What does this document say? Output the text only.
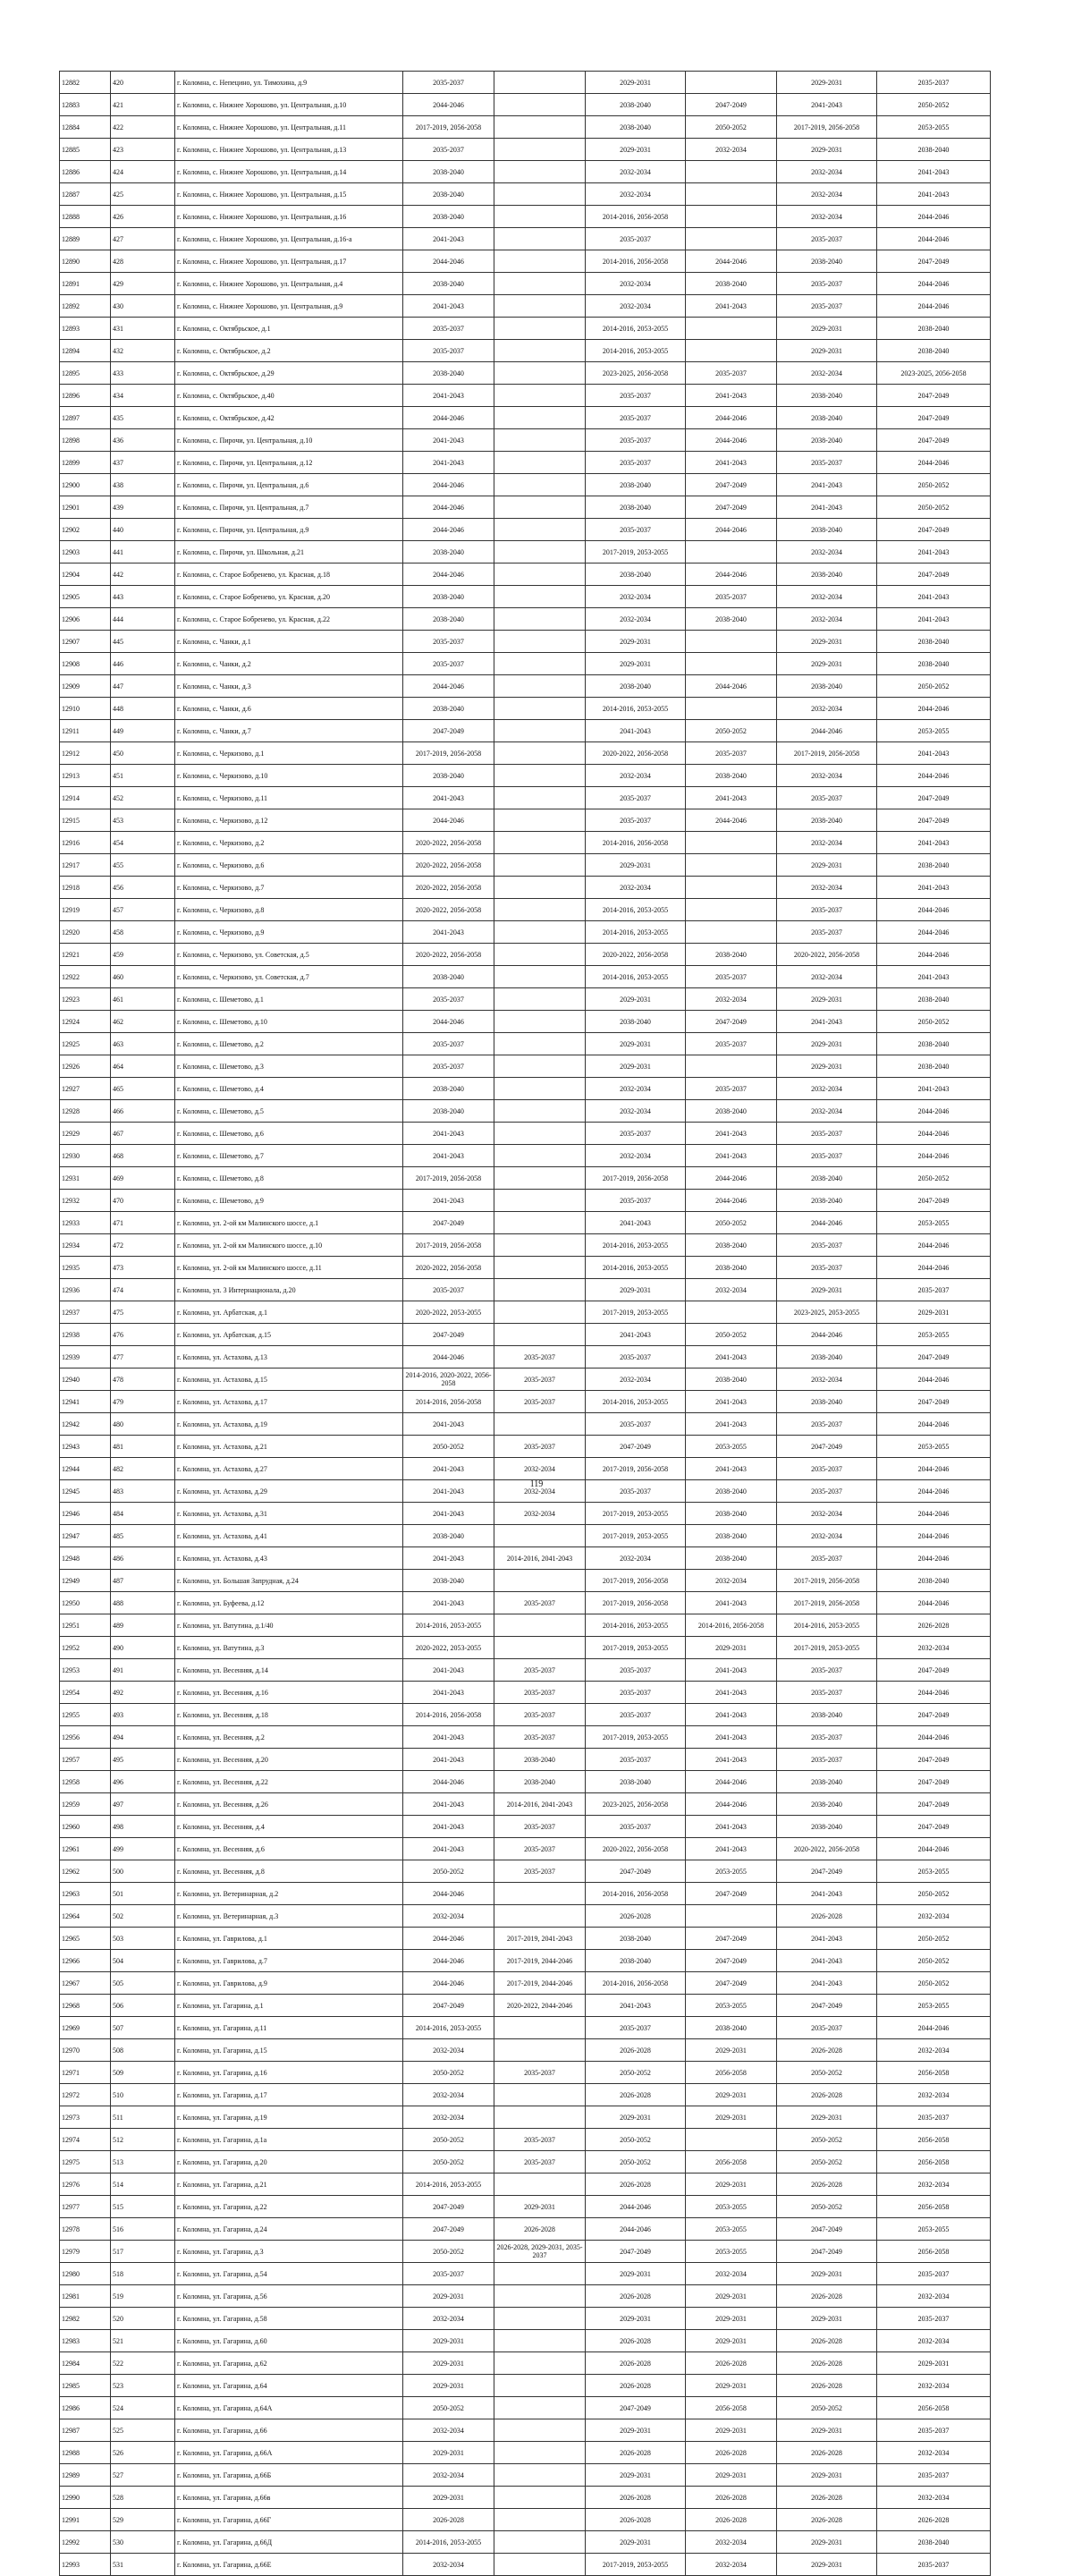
12882	420	г. Коломна, с. Непецино, ул. Тимохина, д.9	2035-2037		2029-2031		2029-2031	2035-2037
12883	421	г. Коломна, с. Нижнее Хорошово, ул. Центральная, д.10	2044-2046		2038-2040	2047-2049	2041-2043	2050-2052
12884	422	г. Коломна, с. Нижнее Хорошово, ул. Центральная, д.11	2017-2019, 2056-2058		2038-2040	2050-2052	2017-2019, 2056-2058	2053-2055
12885	423	г. Коломна, с. Нижнее Хорошово, ул. Центральная, д.13	2035-2037		2029-2031	2032-2034	2029-2031	2038-2040
12886	424	г. Коломна, с. Нижнее Хорошово, ул. Центральная, д.14	2038-2040		2032-2034		2032-2034	2041-2043
12887	425	г. Коломна, с. Нижнее Хорошово, ул. Центральная, д.15	2038-2040		2032-2034		2032-2034	2041-2043
12888	426	г. Коломна, с. Нижнее Хорошово, ул. Центральная, д.16	2038-2040		2014-2016, 2056-2058		2032-2034	2044-2046
12889	427	г. Коломна, с. Нижнее Хорошово, ул. Центральная, д.16-а	2041-2043		2035-2037		2035-2037	2044-2046
12890	428	г. Коломна, с. Нижнее Хорошово, ул. Центральная, д.17	2044-2046		2014-2016, 2056-2058	2044-2046	2038-2040	2047-2049
12891	429	г. Коломна, с. Нижнее Хорошово, ул. Центральная, д.4	2038-2040		2032-2034	2038-2040	2035-2037	2044-2046
12892	430	г. Коломна, с. Нижнее Хорошово, ул. Центральная, д.9	2041-2043		2032-2034	2041-2043	2035-2037	2044-2046
12893	431	г. Коломна, с. Октябрьское, д.1	2035-2037		2014-2016, 2053-2055		2029-2031	2038-2040
12894	432	г. Коломна, с. Октябрьское, д.2	2035-2037		2014-2016, 2053-2055		2029-2031	2038-2040
12895	433	г. Коломна, с. Октябрьское, д.29	2038-2040		2023-2025, 2056-2058	2035-2037	2032-2034	2023-2025, 2056-2058
12896	434	г. Коломна, с. Октябрьское, д.40	2041-2043		2035-2037	2041-2043	2038-2040	2047-2049
12897	435	г. Коломна, с. Октябрьское, д.42	2044-2046		2035-2037	2044-2046	2038-2040	2047-2049
12898	436	г. Коломна, с. Пирочи, ул. Центральная, д.10	2041-2043		2035-2037	2044-2046	2038-2040	2047-2049
12899	437	г. Коломна, с. Пирочи, ул. Центральная, д.12	2041-2043		2035-2037	2041-2043	2035-2037	2044-2046
12900	438	г. Коломна, с. Пирочи, ул. Центральная, д.6	2044-2046		2038-2040	2047-2049	2041-2043	2050-2052
12901	439	г. Коломна, с. Пирочи, ул. Центральная, д.7	2044-2046		2038-2040	2047-2049	2041-2043	2050-2052
12902	440	г. Коломна, с. Пирочи, ул. Центральная, д.9	2044-2046		2035-2037	2044-2046	2038-2040	2047-2049
12903	441	г. Коломна, с. Пирочи, ул. Школьная, д.21	2038-2040		2017-2019, 2053-2055		2032-2034	2041-2043
12904	442	г. Коломна, с. Старое Бобренево, ул. Красная, д.18	2044-2046		2038-2040	2044-2046	2038-2040	2047-2049
12905	443	г. Коломна, с. Старое Бобренево, ул. Красная, д.20	2038-2040		2032-2034	2035-2037	2032-2034	2041-2043
12906	444	г. Коломна, с. Старое Бобренево, ул. Красная, д.22	2038-2040		2032-2034	2038-2040	2032-2034	2041-2043
12907	445	г. Коломна, с. Чанки, д.1	2035-2037		2029-2031		2029-2031	2038-2040
12908	446	г. Коломна, с. Чанки, д.2	2035-2037		2029-2031		2029-2031	2038-2040
12909	447	г. Коломна, с. Чанки, д.3	2044-2046		2038-2040	2044-2046	2038-2040	2050-2052
12910	448	г. Коломна, с. Чанки, д.6	2038-2040		2014-2016, 2053-2055		2032-2034	2044-2046
12911	449	г. Коломна, с. Чанки, д.7	2047-2049		2041-2043	2050-2052	2044-2046	2053-2055
12912	450	г. Коломна, с. Черкизово, д.1	2017-2019, 2056-2058		2020-2022, 2056-2058	2035-2037	2017-2019, 2056-2058	2041-2043
12913	451	г. Коломна, с. Черкизово, д.10	2038-2040		2032-2034	2038-2040	2032-2034	2044-2046
12914	452	г. Коломна, с. Черкизово, д.11	2041-2043		2035-2037	2041-2043	2035-2037	2047-2049
12915	453	г. Коломна, с. Черкизово, д.12	2044-2046		2035-2037	2044-2046	2038-2040	2047-2049
12916	454	г. Коломна, с. Черкизово, д.2	2020-2022, 2056-2058		2014-2016, 2056-2058		2032-2034	2041-2043
12917	455	г. Коломна, с. Черкизово, д.6	2020-2022, 2056-2058		2029-2031		2029-2031	2038-2040
12918	456	г. Коломна, с. Черкизово, д.7	2020-2022, 2056-2058		2032-2034		2032-2034	2041-2043
12919	457	г. Коломна, с. Черкизово, д.8	2020-2022, 2056-2058		2014-2016, 2053-2055		2035-2037	2044-2046
12920	458	г. Коломна, с. Черкизово, д.9	2041-2043		2014-2016, 2053-2055		2035-2037	2044-2046
12921	459	г. Коломна, с. Черкизово, ул. Советская, д.5	2020-2022, 2056-2058		2020-2022, 2056-2058	2038-2040	2020-2022, 2056-2058	2044-2046
12922	460	г. Коломна, с. Черкизово, ул. Советская, д.7	2038-2040		2014-2016, 2053-2055	2035-2037	2032-2034	2041-2043
12923	461	г. Коломна, с. Шеметово, д.1	2035-2037		2029-2031	2032-2034	2029-2031	2038-2040
12924	462	г. Коломна, с. Шеметово, д.10	2044-2046		2038-2040	2047-2049	2041-2043	2050-2052
12925	463	г. Коломна, с. Шеметово, д.2	2035-2037		2029-2031	2035-2037	2029-2031	2038-2040
12926	464	г. Коломна, с. Шеметово, д.3	2035-2037		2029-2031		2029-2031	2038-2040
12927	465	г. Коломна, с. Шеметово, д.4	2038-2040		2032-2034	2035-2037	2032-2034	2041-2043
12928	466	г. Коломна, с. Шеметово, д.5	2038-2040		2032-2034	2038-2040	2032-2034	2044-2046
12929	467	г. Коломна, с. Шеметово, д.6	2041-2043		2035-2037	2041-2043	2035-2037	2044-2046
12930	468	г. Коломна, с. Шеметово, д.7	2041-2043		2032-2034	2041-2043	2035-2037	2044-2046
12931	469	г. Коломна, с. Шеметово, д.8	2017-2019, 2056-2058		2017-2019, 2056-2058	2044-2046	2038-2040	2050-2052
12932	470	г. Коломна, с. Шеметово, д.9	2041-2043		2035-2037	2044-2046	2038-2040	2047-2049
12933	471	г. Коломна, ул. 2-ой км Малинского шоссе, д.1	2047-2049		2041-2043	2050-2052	2044-2046	2053-2055
12934	472	г. Коломна, ул. 2-ой км Малинского шоссе, д.10	2017-2019, 2056-2058		2014-2016, 2053-2055	2038-2040	2035-2037	2044-2046
12935	473	г. Коломна, ул. 2-ой км Малинского шоссе, д.11	2020-2022, 2056-2058		2014-2016, 2053-2055	2038-2040	2035-2037	2044-2046
12936	474	г. Коломна, ул. 3 Интернационала, д.20	2035-2037		2029-2031	2032-2034	2029-2031	2035-2037
12937	475	г. Коломна, ул. Арбатская, д.1	2020-2022, 2053-2055		2017-2019, 2053-2055		2023-2025, 2053-2055	2029-2031
12938	476	г. Коломна, ул. Арбатская, д.15	2047-2049		2041-2043	2050-2052	2044-2046	2053-2055
12939	477	г. Коломна, ул. Астахова, д.13	2044-2046	2035-2037	2035-2037	2041-2043	2038-2040	2047-2049
12940	478	г. Коломна, ул. Астахова, д.15	2014-2016, 2020-2022, 2056-2058	2035-2037	2032-2034	2038-2040	2032-2034	2044-2046
12941	479	г. Коломна, ул. Астахова, д.17	2014-2016, 2056-2058	2035-2037	2014-2016, 2053-2055	2041-2043	2038-2040	2047-2049
12942	480	г. Коломна, ул. Астахова, д.19	2041-2043		2035-2037	2041-2043	2035-2037	2044-2046
12943	481	г. Коломна, ул. Астахова, д.21	2050-2052	2035-2037	2047-2049	2053-2055	2047-2049	2053-2055
12944	482	г. Коломна, ул. Астахова, д.27	2041-2043	2032-2034	2017-2019, 2056-2058	2041-2043	2035-2037	2044-2046
12945	483	г. Коломна, ул. Астахова, д.29	2041-2043	2032-2034	2035-2037	2038-2040	2035-2037	2044-2046
12946	484	г. Коломна, ул. Астахова, д.31	2041-2043	2032-2034	2017-2019, 2053-2055	2038-2040	2032-2034	2044-2046
12947	485	г. Коломна, ул. Астахова, д.41	2038-2040		2017-2019, 2053-2055	2038-2040	2032-2034	2044-2046
12948	486	г. Коломна, ул. Астахова, д.43	2041-2043	2014-2016, 2041-2043	2032-2034	2038-2040	2035-2037	2044-2046
12949	487	г. Коломна, ул. Большая Запрудная, д.24	2038-2040		2017-2019, 2056-2058	2032-2034	2017-2019, 2056-2058	2038-2040
12950	488	г. Коломна, ул. Буфеева, д.12	2041-2043	2035-2037	2017-2019, 2056-2058	2041-2043	2017-2019, 2056-2058	2044-2046
12951	489	г. Коломна, ул. Ватутина, д.1/40	2014-2016, 2053-2055		2014-2016, 2053-2055	2014-2016, 2056-2058	2014-2016, 2053-2055	2026-2028
12952	490	г. Коломна, ул. Ватутина, д.3	2020-2022, 2053-2055		2017-2019, 2053-2055	2029-2031	2017-2019, 2053-2055	2032-2034
12953	491	г. Коломна, ул. Весенняя, д.14	2041-2043	2035-2037	2035-2037	2041-2043	2035-2037	2047-2049
12954	492	г. Коломна, ул. Весенняя, д.16	2041-2043	2035-2037	2035-2037	2041-2043	2035-2037	2044-2046
12955	493	г. Коломна, ул. Весенняя, д.18	2014-2016, 2056-2058	2035-2037	2035-2037	2041-2043	2038-2040	2047-2049
12956	494	г. Коломна, ул. Весенняя, д.2	2041-2043	2035-2037	2017-2019, 2053-2055	2041-2043	2035-2037	2044-2046
12957	495	г. Коломна, ул. Весенняя, д.20	2041-2043	2038-2040	2035-2037	2041-2043	2035-2037	2047-2049
12958	496	г. Коломна, ул. Весенняя, д.22	2044-2046	2038-2040	2038-2040	2044-2046	2038-2040	2047-2049
12959	497	г. Коломна, ул. Весенняя, д.26	2041-2043	2014-2016, 2041-2043	2023-2025, 2056-2058	2044-2046	2038-2040	2047-2049
12960	498	г. Коломна, ул. Весенняя, д.4	2041-2043	2035-2037	2035-2037	2041-2043	2038-2040	2047-2049
12961	499	г. Коломна, ул. Весенняя, д.6	2041-2043	2035-2037	2020-2022, 2056-2058	2041-2043	2020-2022, 2056-2058	2044-2046
12962	500	г. Коломна, ул. Весенняя, д.8	2050-2052	2035-2037	2047-2049	2053-2055	2047-2049	2053-2055
12963	501	г. Коломна, ул. Ветеринарная, д.2	2044-2046		2014-2016, 2056-2058	2047-2049	2041-2043	2050-2052
12964	502	г. Коломна, ул. Ветеринарная, д.3	2032-2034		2026-2028		2026-2028	2032-2034
12965	503	г. Коломна, ул. Гаврилова, д.1	2044-2046	2017-2019, 2041-2043	2038-2040	2047-2049	2041-2043	2050-2052
12966	504	г. Коломна, ул. Гаврилова, д.7	2044-2046	2017-2019, 2044-2046	2038-2040	2047-2049	2041-2043	2050-2052
12967	505	г. Коломна, ул. Гаврилова, д.9	2044-2046	2017-2019, 2044-2046	2014-2016, 2056-2058	2047-2049	2041-2043	2050-2052
12968	506	г. Коломна, ул. Гагарина, д.1	2047-2049	2020-2022, 2044-2046	2041-2043	2053-2055	2047-2049	2053-2055
12969	507	г. Коломна, ул. Гагарина, д.11	2014-2016, 2053-2055		2035-2037	2038-2040	2035-2037	2044-2046
12970	508	г. Коломна, ул. Гагарина, д.15	2032-2034		2026-2028	2029-2031	2026-2028	2032-2034
12971	509	г. Коломна, ул. Гагарина, д.16	2050-2052	2035-2037	2050-2052	2056-2058	2050-2052	2056-2058
12972	510	г. Коломна, ул. Гагарина, д.17	2032-2034		2026-2028	2029-2031	2026-2028	2032-2034
12973	511	г. Коломна, ул. Гагарина, д.19	2032-2034		2029-2031	2029-2031	2029-2031	2035-2037
12974	512	г. Коломна, ул. Гагарина, д.1а	2050-2052	2035-2037	2050-2052		2050-2052	2056-2058
12975	513	г. Коломна, ул. Гагарина, д.20	2050-2052	2035-2037	2050-2052	2056-2058	2050-2052	2056-2058
12976	514	г. Коломна, ул. Гагарина, д.21	2014-2016, 2053-2055		2026-2028	2029-2031	2026-2028	2032-2034
12977	515	г. Коломна, ул. Гагарина, д.22	2047-2049	2029-2031	2044-2046	2053-2055	2050-2052	2056-2058
12978	516	г. Коломна, ул. Гагарина, д.24	2047-2049	2026-2028	2044-2046	2053-2055	2047-2049	2053-2055
12979	517	г. Коломна, ул. Гагарина, д.3	2050-2052	2026-2028, 2029-2031, 2035-2037	2047-2049	2053-2055	2047-2049	2056-2058
12980	518	г. Коломна, ул. Гагарина, д.54	2035-2037		2029-2031	2032-2034	2029-2031	2035-2037
12981	519	г. Коломна, ул. Гагарина, д.56	2029-2031		2026-2028	2029-2031	2026-2028	2032-2034
12982	520	г. Коломна, ул. Гагарина, д.58	2032-2034		2029-2031	2029-2031	2029-2031	2035-2037
12983	521	г. Коломна, ул. Гагарина, д.60	2029-2031		2026-2028	2029-2031	2026-2028	2032-2034
12984	522	г. Коломна, ул. Гагарина, д.62	2029-2031		2026-2028	2026-2028	2026-2028	2029-2031
12985	523	г. Коломна, ул. Гагарина, д.64	2029-2031		2026-2028	2029-2031	2026-2028	2032-2034
12986	524	г. Коломна, ул. Гагарина, д.64А	2050-2052		2047-2049	2056-2058	2050-2052	2056-2058
12987	525	г. Коломна, ул. Гагарина, д.66	2032-2034		2029-2031	2029-2031	2029-2031	2035-2037
12988	526	г. Коломна, ул. Гагарина, д.66А	2029-2031		2026-2028	2026-2028	2026-2028	2032-2034
12989	527	г. Коломна, ул. Гагарина, д.66Б	2032-2034		2029-2031	2029-2031	2029-2031	2035-2037
12990	528	г. Коломна, ул. Гагарина, д.66в	2029-2031		2026-2028	2026-2028	2026-2028	2032-2034
12991	529	г. Коломна, ул. Гагарина, д.66Г	2026-2028		2026-2028	2026-2028	2026-2028	2026-2028
12992	530	г. Коломна, ул. Гагарина, д.66Д	2014-2016, 2053-2055		2029-2031	2032-2034	2029-2031	2038-2040
12993	531	г. Коломна, ул. Гагарина, д.66Е	2032-2034		2017-2019, 2053-2055	2032-2034	2029-2031	2035-2037
119
